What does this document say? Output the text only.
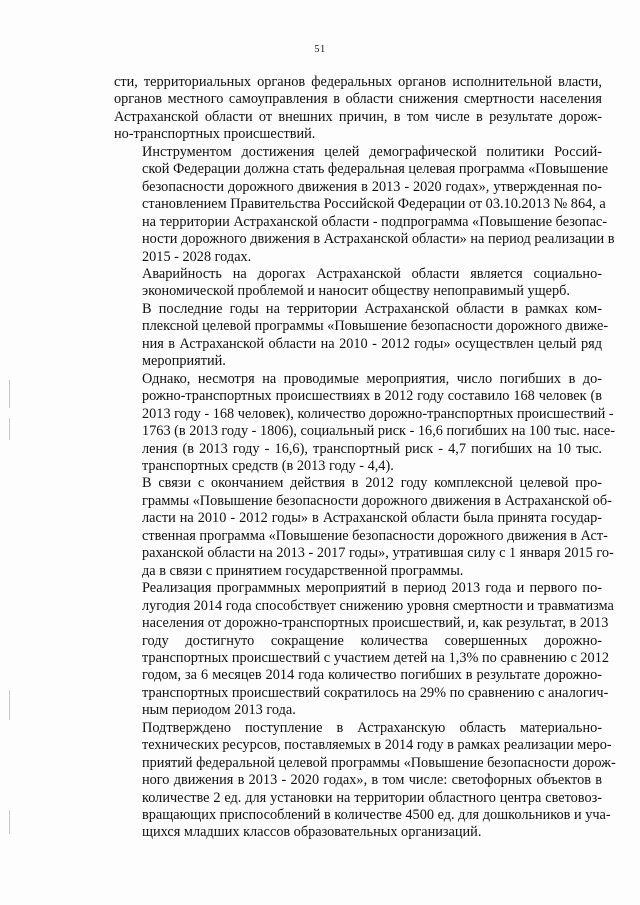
51

сти, территориальных органов федеральных органов исполнительной власти,
органов местного самоуправления в области снижения смертности населения
Астраханской области от внешних причин, в том числе в результате дорож-
но-транспортных происшествий.

Инструментом достижения целей демографической политики Россий-
ской Федерации должна стать федеральная целевая программа «Повышение
безопасности дорожного движения в 2013 - 2020 годах», утвержденная по-
становлением Правительства Российской Федерации от 03.10.2013 № 864, а
на территории Астраханской области - подпрограмма «Повышение безопас-
ности дорожного движения в Астраханской области» на период реализации в
2015 - 2028 годах.

Аварийность на дорогах Астраханской области является социально-
экономической проблемой и наносит обществу непоправимый ущерб.

В последние годы на территории Астраханской области в рамках ком-
плексной целевой программы «Повышение безопасности дорожного движе-
ния в Астраханской области на 2010 - 2012 годы» осуществлен целый ряд
мероприятий.

Однако, несмотря на проводимые мероприятия, число погибших в до-
рожно-транспортных происшествиях в 2012 году составило 168 человек (в
2013 году - 168 человек), количество дорожно-транспортных происшествий -
1763 (в 2013 году - 1806), социальный риск - 16,6 погибших на 100 тыс. насе-
ления (в 2013 году - 16,6), транспортный риск - 4,7 погибших на 10 тыс.
транспортных средств (в 2013 году - 4,4).

В связи с окончанием действия в 2012 году комплексной целевой про-
граммы «Повышение безопасности дорожного движения в Астраханской об-
ласти на 2010 - 2012 годы» в Астраханской области была принята государ-
ственная программа «Повышение безопасности дорожного движения в Аст-
раханской области на 2013 - 2017 годы», утратившая силу с 1 января 2015 го-
да в связи с принятием государственной программы.

Реализация программных мероприятий в период 2013 года и первого по-
лугодия 2014 года способствует снижению уровня смертности и травматизма
населения от дорожно-транспортных происшествий, и, как результат, в 2013
году достигнуто сокращение количества совершенных дорожно-
транспортных происшествий с участием детей на 1,3% по сравнению с 2012
годом, за 6 месяцев 2014 года количество погибших в результате дорожно-
транспортных происшествий сократилось на 29% по сравнению с аналогич-
ным периодом 2013 года.

Подтверждено поступление в Астраханскую область материально-
технических ресурсов, поставляемых в 2014 году в рамках реализации меро-
приятий федеральной целевой программы «Повышение безопасности дорож-
ного движения в 2013 - 2020 годах», в том числе: светофорных объектов в
количестве 2 ед. для установки на территории областного центра световоз-
вращающих приспособлений в количестве 4500 ед. для дошкольников и уча-
щихся младших классов образовательных организаций.
